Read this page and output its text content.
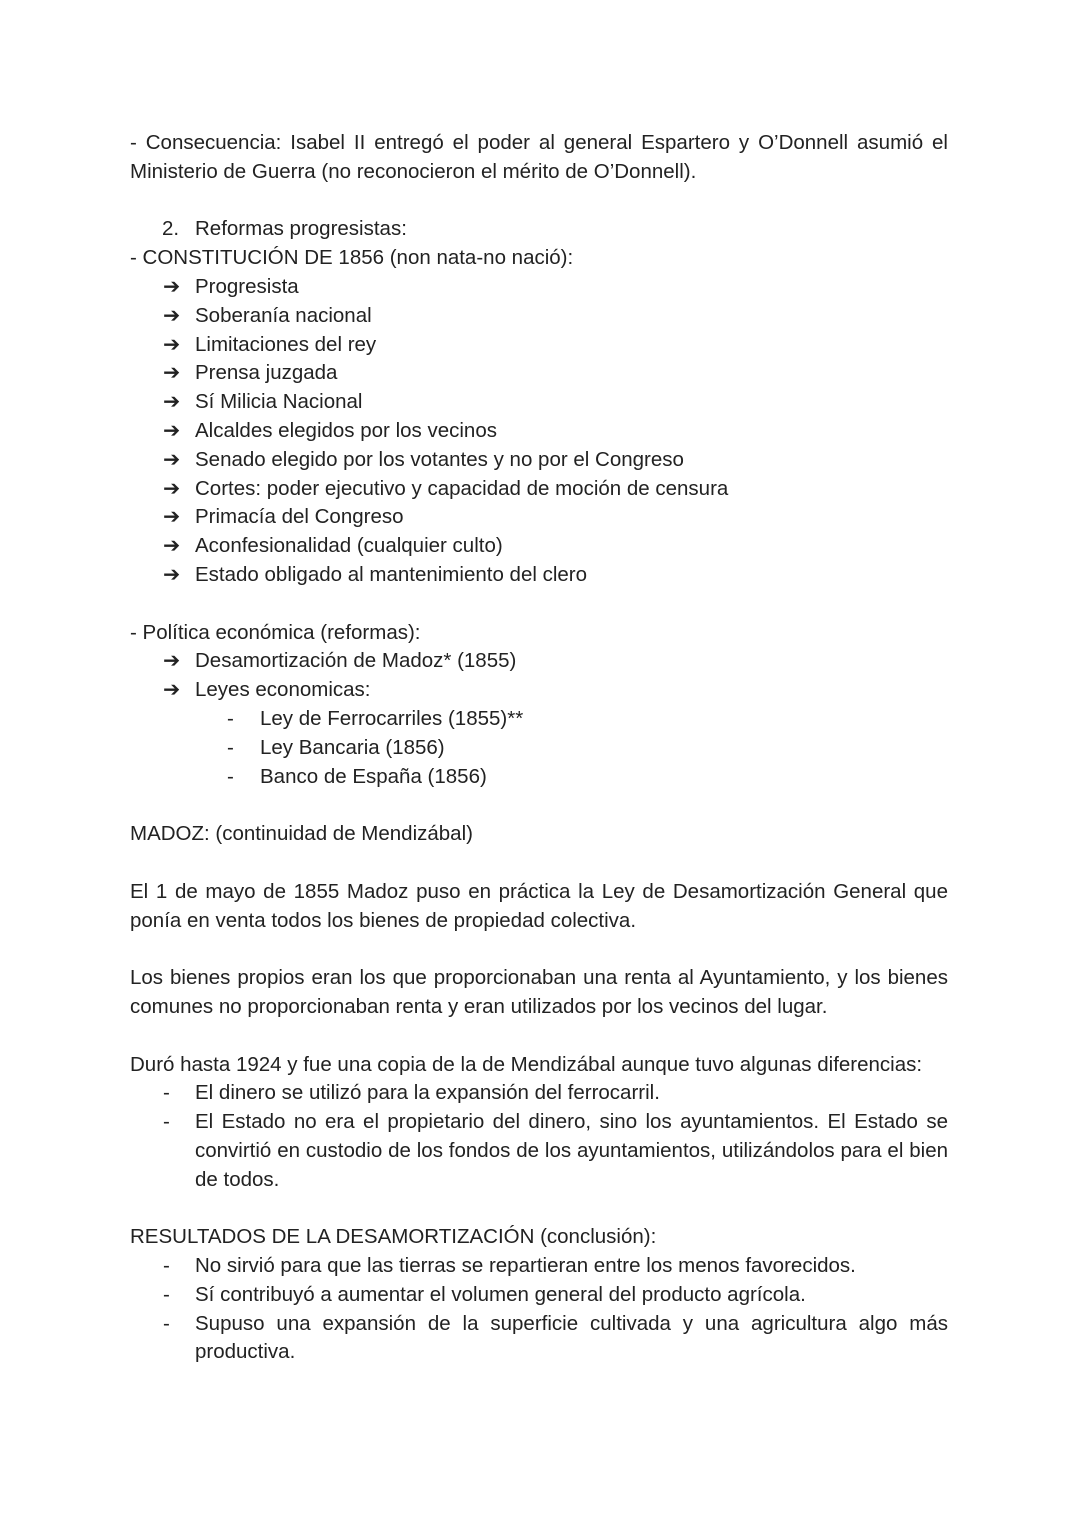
- Consecuencia: Isabel II entregó el poder al general Espartero y O’Donnell asumió el Ministerio de Guerra (no reconocieron el mérito de O’Donnell).

2. Reformas progresistas:

- CONSTITUCIÓN DE 1856 (non nata-no nació):

➔ Progresista
➔ Soberanía nacional
➔ Limitaciones del rey
➔ Prensa juzgada
➔ Sí Milicia Nacional
➔ Alcaldes elegidos por los vecinos
➔ Senado elegido por los votantes y no por el Congreso
➔ Cortes: poder ejecutivo y capacidad de moción de censura
➔ Primacía del Congreso
➔ Aconfesionalidad (cualquier culto)
➔ Estado obligado al mantenimiento del clero

- Política económica (reformas):

➔ Desamortización de Madoz* (1855)
➔ Leyes economicas:
- Ley de Ferrocarriles (1855)**
- Ley Bancaria (1856)
- Banco de España (1856)

MADOZ: (continuidad de Mendizábal)

El 1 de mayo de 1855 Madoz puso en práctica la Ley de Desamortización General que ponía en venta todos los bienes de propiedad colectiva.

Los bienes propios eran los que proporcionaban una renta al Ayuntamiento, y los bienes comunes no proporcionaban renta y eran utilizados por los vecinos del lugar.

Duró hasta 1924 y fue una copia de la de Mendizábal aunque tuvo algunas diferencias:

- El dinero se utilizó para la expansión del ferrocarril.
- El Estado no era el propietario del dinero, sino los ayuntamientos. El Estado se convirtió en custodio de los fondos de los ayuntamientos, utilizándolos para el bien de todos.

RESULTADOS DE LA DESAMORTIZACIÓN (conclusión):

- No sirvió para que las tierras se repartieran entre los menos favorecidos.
- Sí contribuyó a aumentar el volumen general del producto agrícola.
- Supuso una expansión de la superficie cultivada y una agricultura algo más productiva.
